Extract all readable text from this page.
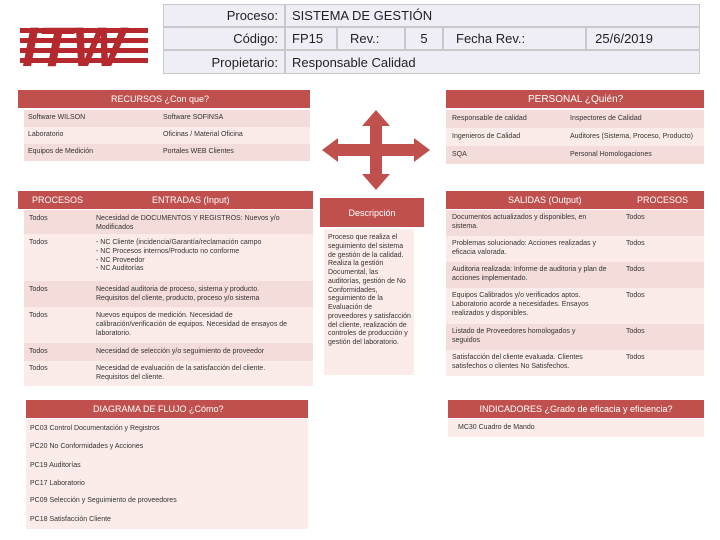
ITW	Proceso: SISTEMA DE GESTIÓN
Código: FP15 Rev.:	5 Fecha Rev.:	25/6/2019
Propietario: Responsable Calidad
RECURSOS ¿Con que?
Software WILSON	Software SOFINSA
Laboratorio	Oficinas / Material Oficina
Equipos de Medición	Portales WEB Clientes
PERSONAL ¿Quién?
Responsable de calidad	Inspectores de Calidad
Ingenieros de Calidad	Auditores (Sistema, Proceso, Producto)
SQA	Personal Homologaciones
PROCESOS	ENTRADAS (Input)
Todos	Necesidad de DOCUMENTOS Y REGISTROS: Nuevos y/o Modificados
Todos
-	NC Cliente (incidencia/Garantía/reclamación campo
- NC Procesos internos/Producto no conforme
- NC Proveedor
- NC Auditorías
Todos	Necesidad auditoria de proceso, sistema y producto. Requisitos del cliente, producto, proceso y/o sistema
Todos	Nuevos equipos de medición. Necesidad de calibración/verificación de equipos. Necesidad de ensayos de laboratorio.
Todos	Necesidad de selección y/o seguimiento de proveedor
Todos	Necesidad de evaluación de la satisfacción del cliente. Requisitos del cliente.
Descripción
Proceso que realiza el seguimiento del sistema de gestión de la calidad. Realiza la gestión Documental, las auditorías, gestión de No Conformidades, seguimiento de la Evaluación de proveedores y satisfacción del cliente, realización de controles de producción y gestión del laboratorio.
SALIDAS (Output)	PROCESOS
Documentos actualizados y disponibles, en sistema.
Todos
Problemas solucionado: Acciones realizadas y eficacia valorada.
Todos
Auditoria realizada: Informe de auditoria y plan de acciones implementado.
Todos
Equipos Calibrados y/o verificados aptos. Laboratorio acorde a necesidades. Ensayos realizados y disponibles.
Todos
Listado de Proveedores homologados y seguidos
Todos
Satisfacción del cliente evaluada. Clientes satisfechos o clientes No Satisfechos.
Todos
DIAGRAMA DE FLUJO ¿Cómo?
PC03 Control Documentación y Registros
PC20 No Conformidades y Acciones
PC19 Auditorías
PC17 Laboratorio
PC09 Selección y Seguimiento de proveedores
PC18 Satisfacción Cliente
INDICADORES ¿Grado de eficacia y eficiencia?
MC30 Cuadro de Mando
